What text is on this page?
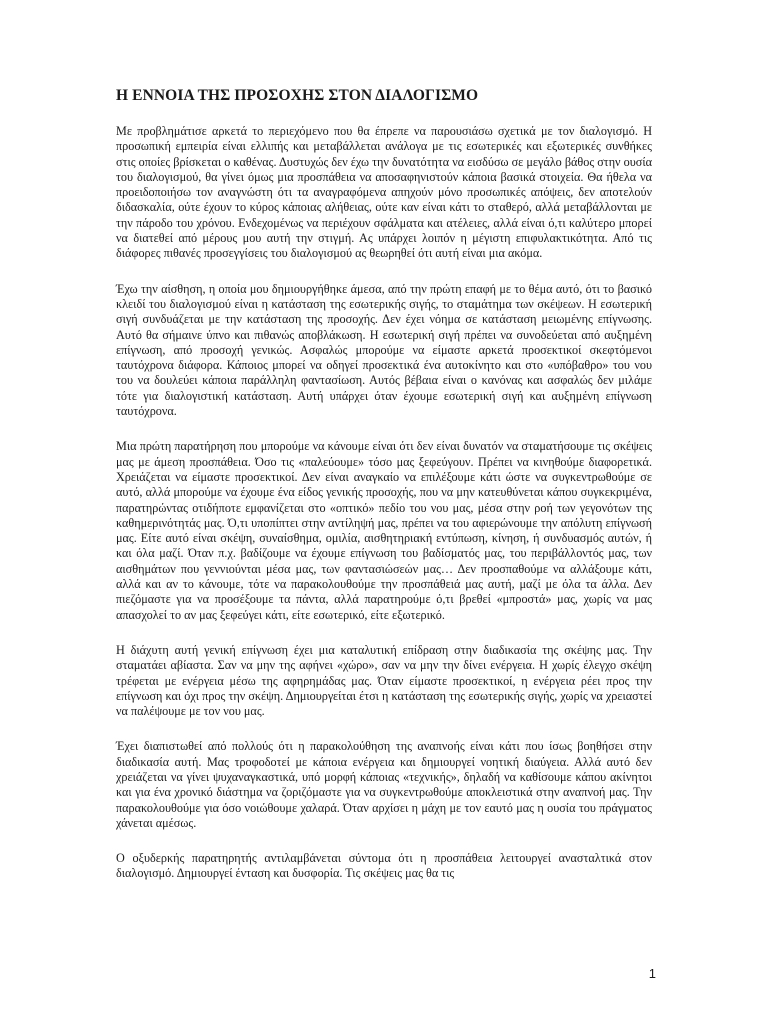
Η ΕΝΝΟΙΑ ΤΗΣ ΠΡΟΣΟΧΗΣ ΣΤΟΝ ΔΙΑΛΟΓΙΣΜΟ

Με προβλημάτισε αρκετά το περιεχόμενο που θα έπρεπε να παρουσιάσω σχετικά με τον διαλογισμό. Η προσωπική εμπειρία είναι ελλιπής και μεταβάλλεται ανάλογα με τις εσωτερικές και εξωτερικές συνθήκες στις οποίες βρίσκεται ο καθένας. Δυστυχώς δεν έχω την δυνατότητα να εισδύσω σε μεγάλο βάθος στην ουσία του διαλογισμού, θα γίνει όμως μια προσπάθεια να αποσαφηνιστούν κάποια βασικά στοιχεία. Θα ήθελα να προειδοποιήσω τον αναγνώστη ότι τα αναγραφόμενα απηχούν μόνο προσωπικές απόψεις, δεν αποτελούν διδασκαλία, ούτε έχουν το κύρος κάποιας αλήθειας, ούτε καν είναι κάτι το σταθερό, αλλά μεταβάλλονται με την πάροδο του χρόνου. Ενδεχομένως να περιέχουν σφάλματα και ατέλειες, αλλά είναι ό,τι καλύτερο μπορεί να διατεθεί από μέρους μου αυτή την στιγμή. Ας υπάρχει λοιπόν η μέγιστη επιφυλακτικότητα. Από τις διάφορες πιθανές προσεγγίσεις του διαλογισμού ας θεωρηθεί ότι αυτή είναι μια ακόμα.

Έχω την αίσθηση, η οποία μου δημιουργήθηκε άμεσα, από την πρώτη επαφή με το θέμα αυτό, ότι το βασικό κλειδί του διαλογισμού είναι η κατάσταση της εσωτερικής σιγής, το σταμάτημα των σκέψεων. Η εσωτερική σιγή συνδυάζεται με την κατάσταση της προσοχής. Δεν έχει νόημα σε κατάσταση μειωμένης επίγνωσης. Αυτό θα σήμαινε ύπνο και πιθανώς αποβλάκωση. Η εσωτερική σιγή πρέπει να συνοδεύεται από αυξημένη επίγνωση, από προσοχή γενικώς. Ασφαλώς μπορούμε να είμαστε αρκετά προσεκτικοί σκεφτόμενοι ταυτόχρονα διάφορα. Κάποιος μπορεί να οδηγεί προσεκτικά ένα αυτοκίνητο και στο «υπόβαθρο» του νου του να δουλεύει κάποια παράλληλη φαντασίωση. Αυτός βέβαια είναι ο κανόνας και ασφαλώς δεν μιλάμε τότε για διαλογιστική κατάσταση. Αυτή υπάρχει όταν έχουμε εσωτερική σιγή και αυξημένη επίγνωση ταυτόχρονα.

Μια πρώτη παρατήρηση που μπορούμε να κάνουμε είναι ότι δεν είναι δυνατόν να σταματήσουμε τις σκέψεις μας με άμεση προσπάθεια. Όσο τις «παλεύουμε» τόσο μας ξεφεύγουν. Πρέπει να κινηθούμε διαφορετικά. Χρειάζεται να είμαστε προσεκτικοί. Δεν είναι αναγκαίο να επιλέξουμε κάτι ώστε να συγκεντρωθούμε σε αυτό, αλλά μπορούμε να έχουμε ένα είδος γενικής προσοχής, που να μην κατευθύνεται κάπου συγκεκριμένα, παρατηρώντας οτιδήποτε εμφανίζεται στο «οπτικό» πεδίο του νου μας, μέσα στην ροή των γεγονότων της καθημερινότητάς μας. Ό,τι υποπίπτει στην αντίληψή μας, πρέπει να του αφιερώνουμε την απόλυτη επίγνωσή μας. Είτε αυτό είναι σκέψη, συναίσθημα, ομιλία, αισθητηριακή εντύπωση, κίνηση, ή συνδυασμός αυτών, ή και όλα μαζί. Όταν π.χ. βαδίζουμε να έχουμε επίγνωση του βαδίσματός μας, του περιβάλλοντός μας, των αισθημάτων που γεννιούνται μέσα μας, των φαντασιώσεών μας… Δεν προσπαθούμε να αλλάξουμε κάτι, αλλά και αν το κάνουμε, τότε να παρακολουθούμε την προσπάθειά μας αυτή, μαζί με όλα τα άλλα. Δεν πιεζόμαστε για να προσέξουμε τα πάντα, αλλά παρατηρούμε ό,τι βρεθεί «μπροστά» μας, χωρίς να μας απασχολεί το αν μας ξεφεύγει κάτι, είτε εσωτερικό, είτε εξωτερικό.

Η διάχυτη αυτή γενική επίγνωση έχει μια καταλυτική επίδραση στην διαδικασία της σκέψης μας. Την σταματάει αβίαστα. Σαν να μην της αφήνει «χώρο», σαν να μην την δίνει ενέργεια. Η χωρίς έλεγχο σκέψη τρέφεται με ενέργεια μέσω της αφηρημάδας μας. Όταν είμαστε προσεκτικοί, η ενέργεια ρέει προς την επίγνωση και όχι προς την σκέψη. Δημιουργείται έτσι η κατάσταση της εσωτερικής σιγής, χωρίς να χρειαστεί να παλέψουμε με τον νου μας.

Έχει διαπιστωθεί από πολλούς ότι η παρακολούθηση της αναπνοής είναι κάτι που ίσως βοηθήσει στην διαδικασία αυτή. Μας τροφοδοτεί με κάποια ενέργεια και δημιουργεί νοητική διαύγεια. Αλλά αυτό δεν χρειάζεται να γίνει ψυχαναγκαστικά, υπό μορφή κάποιας «τεχνικής», δηλαδή να καθίσουμε κάπου ακίνητοι και για ένα χρονικό διάστημα να ζοριζόμαστε για να συγκεντρωθούμε αποκλειστικά στην αναπνοή μας. Την παρακολουθούμε για όσο νοιώθουμε χαλαρά. Όταν αρχίσει η μάχη με τον εαυτό μας η ουσία του πράγματος χάνεται αμέσως.

Ο οξυδερκής παρατηρητής αντιλαμβάνεται σύντομα ότι η προσπάθεια λειτουργεί ανασταλτικά στον διαλογισμό. Δημιουργεί ένταση και δυσφορία. Τις σκέψεις μας θα τις

1
